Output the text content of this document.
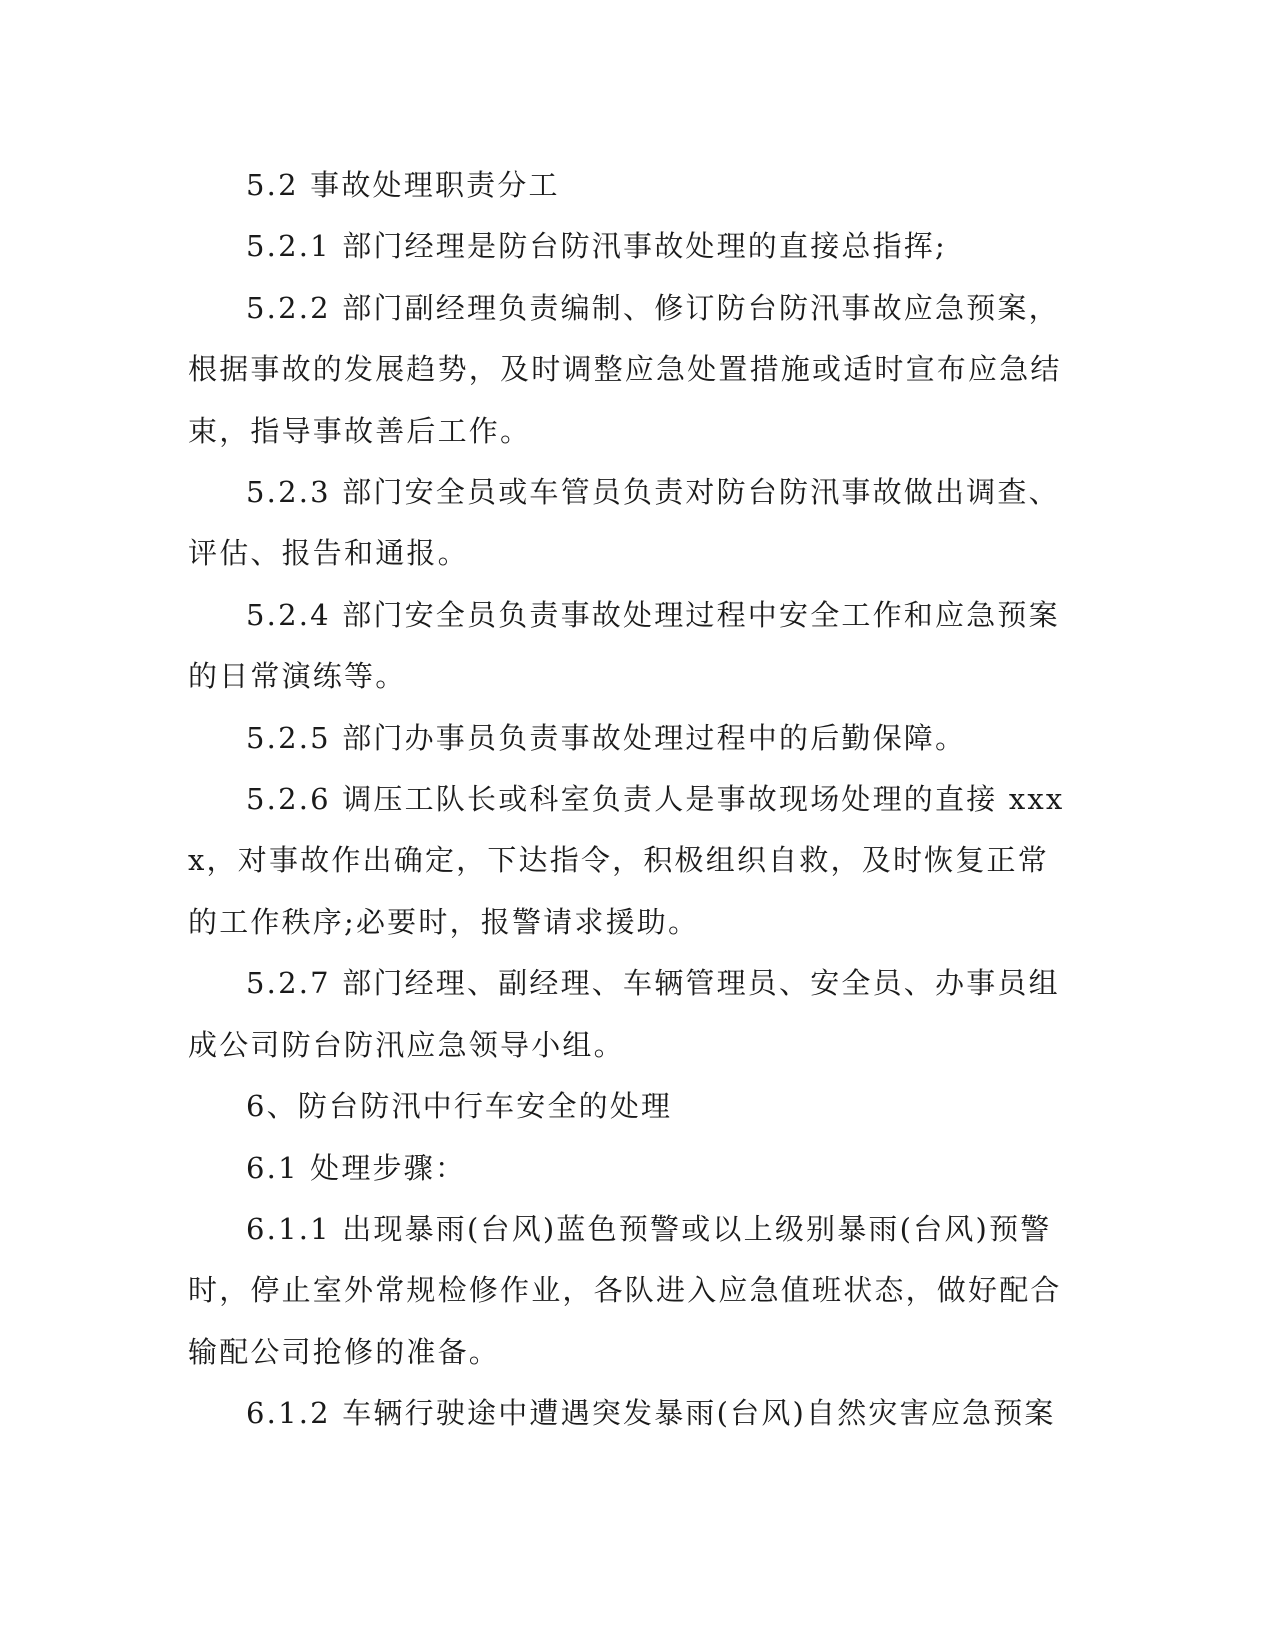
5.2 事故处理职责分工

5.2.1 部门经理是防台防汛事故处理的直接总指挥;

5.2.2 部门副经理负责编制、修订防台防汛事故应急预案，根据事故的发展趋势，及时调整应急处置措施或适时宣布应急结束，指导事故善后工作。

5.2.3 部门安全员或车管员负责对防台防汛事故做出调查、评估、报告和通报。

5.2.4 部门安全员负责事故处理过程中安全工作和应急预案的日常演练等。

5.2.5 部门办事员负责事故处理过程中的后勤保障。

5.2.6 调压工队长或科室负责人是事故现场处理的直接 xxxx，对事故作出确定，下达指令，积极组织自救，及时恢复正常的工作秩序;必要时，报警请求援助。

5.2.7 部门经理、副经理、车辆管理员、安全员、办事员组成公司防台防汛应急领导小组。

6、防台防汛中行车安全的处理

6.1 处理步骤：

6.1.1 出现暴雨(台风)蓝色预警或以上级别暴雨(台风)预警时，停止室外常规检修作业，各队进入应急值班状态，做好配合输配公司抢修的准备。

6.1.2 车辆行驶途中遭遇突发暴雨(台风)自然灾害应急预案
